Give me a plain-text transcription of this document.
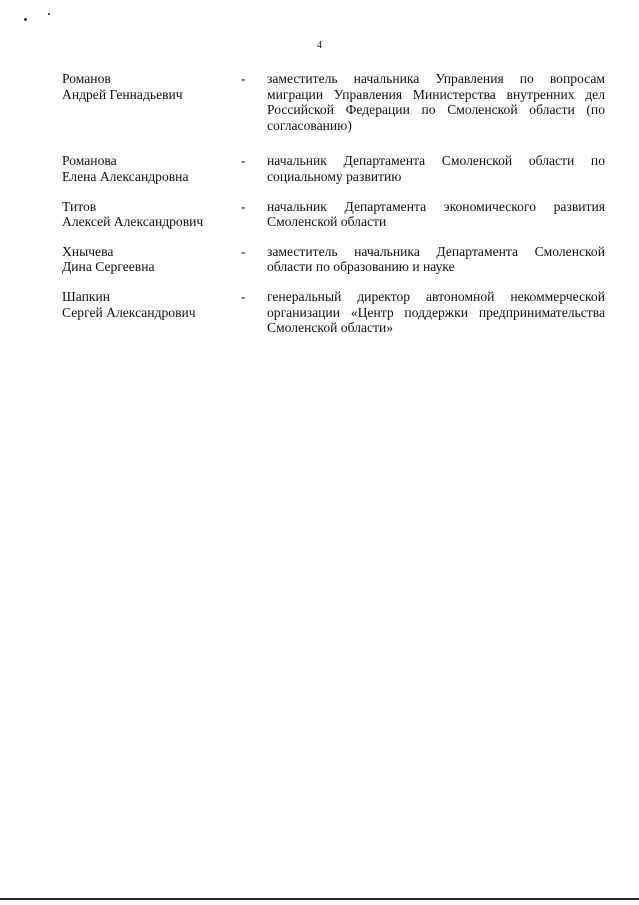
4
Романов
Андрей Геннадьевич
-	заместитель начальника Управления по вопросам миграции Управления Министерства внутренних дел Российской Федерации по Смоленской области (по согласованию)
Романова
Елена Александровна
-	начальник Департамента Смоленской области по социальному развитию
Титов
Алексей Александрович
-	начальник Департамента экономического развития Смоленской области
Хнычева
Дина Сергеевна
-	заместитель начальника Департамента Смоленской области по образованию и науке
Шапкин
Сергей Александрович
-	генеральный директор автономной некоммерческой организации «Центр поддержки предпринимательства Смоленской области»
